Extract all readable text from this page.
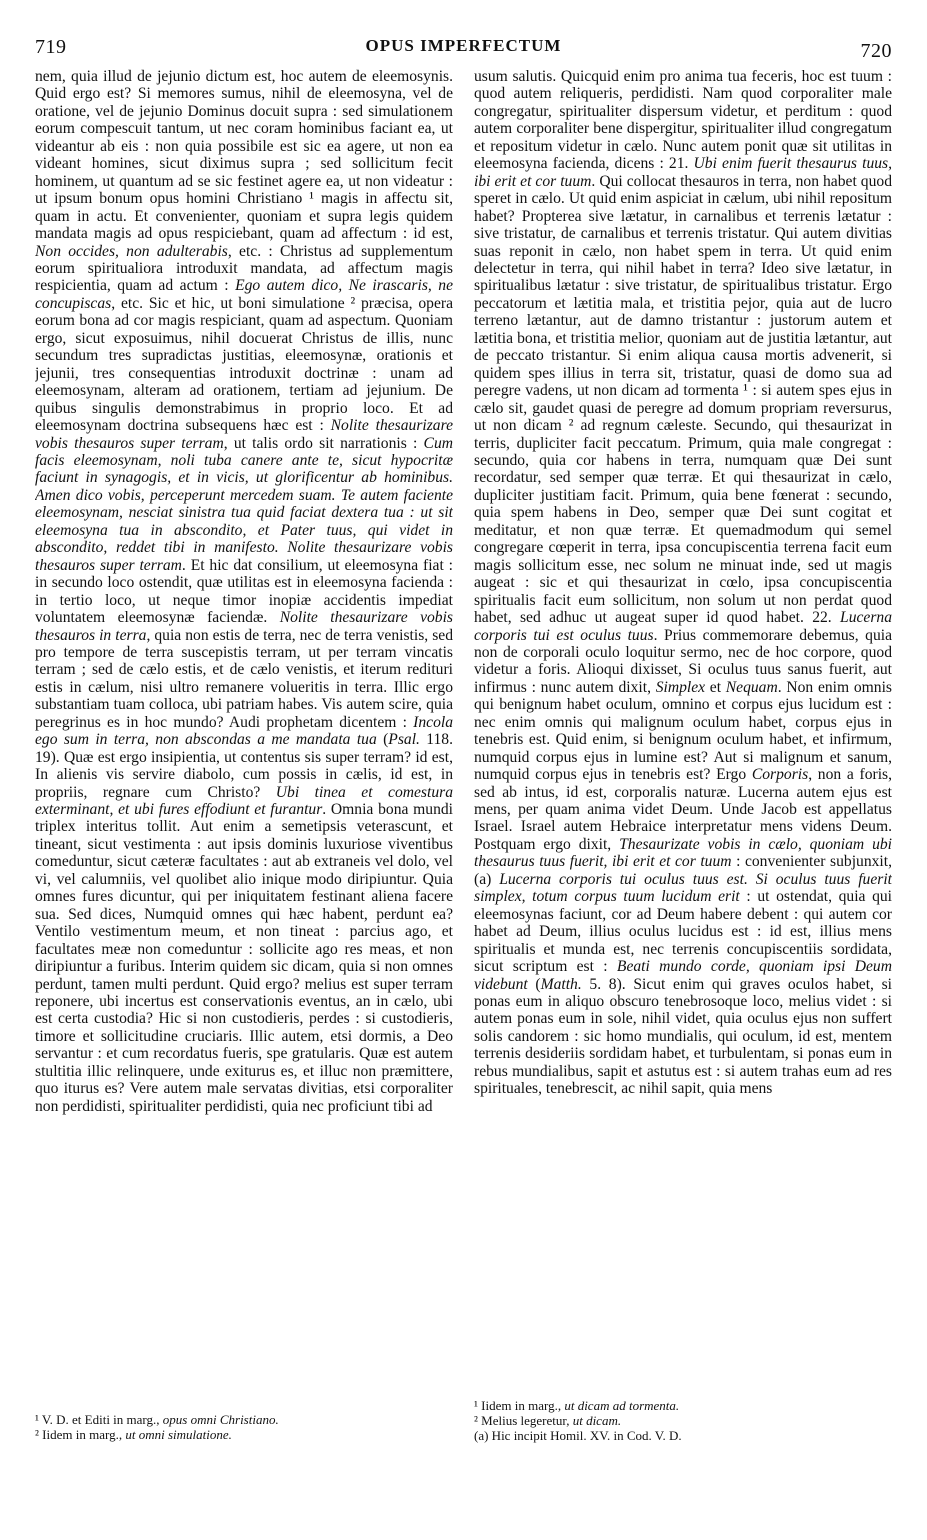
719	OPUS IMPERFECTUM	720

nem, quia illud de jejunio dictum est, hoc autem de eleemosynis. Quid ergo est? Si memores sumus, nihil de eleemosyna, vel de oratione, vel de jejunio Dominus docuit supra : sed simulationem eorum compescuit tantum, ut nec coram hominibus faciant ea, ut videantur ab eis : non quia possibile est sic ea agere, ut non ea videant homines, sicut diximus supra ; sed sollicitum fecit hominem, ut quantum ad se sic festinet agere ea, ut non videatur : ut ipsum bonum opus homini Christiano ¹ magis in affectu sit, quam in actu. Et convenienter, quoniam et supra legis quidem mandata magis ad opus respiciebant, quam ad affectum : id est, Non occides, non adulterabis, etc. : Christus ad supplementum eorum spiritualiora introduxit mandata, ad affectum magis respicientia, quam ad actum : Ego autem dico, Ne irascaris, ne concupiscas, etc. Sic et hic, ut boni simulatione ² præcisa, opera eorum bona ad cor magis respiciant, quam ad aspectum. Quoniam ergo, sicut exposuimus, nihil docuerat Christus de illis, nunc secundum tres supradictas justitias, eleemosynæ, orationis et jejunii, tres consequentias introduxit doctrinæ : unam ad eleemosynam, alteram ad orationem, tertiam ad jejunium. De quibus singulis demonstrabimus in proprio loco. Et ad eleemosynam doctrina subsequens hæc est : Nolite thesaurizare vobis thesauros super terram, ut talis ordo sit narrationis : Cum facis eleemosynam, noli tuba canere ante te, sicut hypocritæ faciunt in synagogis, et in vicis, ut glorificentur ab hominibus. Amen dico vobis, perceperunt mercedem suam. Te autem faciente eleemosynam, nesciat sinistra tua quid faciat dextera tua : ut sit eleemosyna tua in abscondito, et Pater tuus, qui videt in abscondito, reddet tibi in manifesto. Nolite thesaurizare vobis thesauros super terram. Et hic dat consilium, ut eleemosyna fiat : in secundo loco ostendit, quæ utilitas est in eleemosyna facienda : in tertio loco, ut neque timor inopiæ accidentis impediat voluntatem eleemosynæ faciendæ. Nolite thesaurizare vobis thesauros in terra, quia non estis de terra, nec de terra venistis, sed pro tempore de terra suscepistis terram, ut per terram vincatis terram ; sed de cælo estis, et de cælo venistis, et iterum redituri estis in cælum, nisi ultro remanere volueritis in terra. Illic ergo substantiam tuam colloca, ubi patriam habes. Vis autem scire, quia peregrinus es in hoc mundo? Audi prophetam dicentem : Incola ego sum in terra, non abscondas a me mandata tua (Psal. 118. 19). Quæ est ergo insipientia, ut contentus sis super terram? id est, In alienis vis servire diabolo, cum possis in cælis, id est, in propriis, regnare cum Christo? Ubi tinea et comestura exterminant, et ubi fures effodiunt et furantur. Omnia bona mundi triplex interitus tollit. Aut enim a semetipsis veterascunt, et tineant, sicut vestimenta : aut ipsis dominis luxuriose viventibus comeduntur, sicut cæteræ facultates : aut ab extraneis vel dolo, vel vi, vel calumniis, vel quolibet alio inique modo diripiuntur. Quia omnes fures dicuntur, qui per iniquitatem festinant aliena facere sua. Sed dices, Numquid omnes qui hæc habent, perdunt ea? Ventilo vestimentum meum, et non tineat : parcius ago, et facultates meæ non comeduntur : sollicite ago res meas, et non diripiuntur a furibus. Interim quidem sic dicam, quia si non omnes perdunt, tamen multi perdunt. Quid ergo? melius est super terram reponere, ubi incertus est conservationis eventus, an in cælo, ubi est certa custodia? Hic si non custodieris, perdes : si custodieris, timore et sollicitudine cruciaris. Illic autem, etsi dormis, a Deo servantur : et cum recordatus fueris, spe gratularis. Quæ est autem stultitia illic relinquere, unde exiturus es, et illuc non præmittere, quo iturus es? Vere autem male servatas divitias, etsi corporaliter non perdidisti, spiritualiter perdidisti, quia nec proficiunt tibi ad

usum salutis. Quicquid enim pro anima tua feceris, hoc est tuum : quod autem reliqueris, perdidisti. Nam quod corporaliter male congregatur, spiritualiter dispersum videtur, et perditum : quod autem corporaliter bene dispergitur, spiritualiter illud congregatum et repositum videtur in cælo. Nunc autem ponit quæ sit utilitas in eleemosyna facienda, dicens : 21. Ubi enim fuerit thesaurus tuus, ibi erit et cor tuum. Qui collocat thesauros in terra, non habet quod speret in cælo. Ut quid enim aspiciat in cælum, ubi nihil repositum habet? Propterea sive lætatur, in carnalibus et terrenis lætatur : sive tristatur, de carnalibus et terrenis tristatur. Qui autem divitias suas reponit in cælo, non habet spem in terra. Ut quid enim delectetur in terra, qui nihil habet in terra? Ideo sive lætatur, in spiritualibus lætatur : sive tristatur, de spiritualibus tristatur. Ergo peccatorum et lætitia mala, et tristitia pejor, quia aut de lucro terreno lætantur, aut de damno tristantur : justorum autem et lætitia bona, et tristitia melior, quoniam aut de justitia lætantur, aut de peccato tristantur. Si enim aliqua causa mortis advenerit, si quidem spes illius in terra sit, tristatur, quasi de domo sua ad peregre vadens, ut non dicam ad tormenta ¹ : si autem spes ejus in cælo sit, gaudet quasi de peregre ad domum propriam reversurus, ut non dicam ² ad regnum cæleste. Secundo, qui thesaurizat in terris, dupliciter facit peccatum. Primum, quia male congregat : secundo, quia cor habens in terra, numquam quæ Dei sunt recordatur, sed semper quæ terræ. Et qui thesaurizat in cælo, dupliciter justitiam facit. Primum, quia bene fœnerat : secundo, quia spem habens in Deo, semper quæ Dei sunt cogitat et meditatur, et non quæ terræ. Et quemadmodum qui semel congregare cœperit in terra, ipsa concupiscentia terrena facit eum magis sollicitum esse, nec solum ne minuat inde, sed ut magis augeat : sic et qui thesaurizat in cœlo, ipsa concupiscentia spiritualis facit eum sollicitum, non solum ut non perdat quod habet, sed adhuc ut augeat super id quod habet. 22. Lucerna corporis tui est oculus tuus. Prius commemorare debemus, quia non de corporali oculo loquitur sermo, nec de hoc corpore, quod videtur a foris. Alioqui dixisset, Si oculus tuus sanus fuerit, aut infirmus : nunc autem dixit, Simplex et Nequam. Non enim omnis qui benignum habet oculum, omnino et corpus ejus lucidum est : nec enim omnis qui malignum oculum habet, corpus ejus in tenebris est. Quid enim, si benignum oculum habet, et infirmum, numquid corpus ejus in lumine est? Aut si malignum et sanum, numquid corpus ejus in tenebris est? Ergo Corporis, non a foris, sed ab intus, id est, corporalis naturæ. Lucerna autem ejus est mens, per quam anima videt Deum. Unde Jacob est appellatus Israel. Israel autem Hebraice interpretatur mens videns Deum. Postquam ergo dixit, Thesaurizate vobis in cælo, quoniam ubi thesaurus tuus fuerit, ibi erit et cor tuum : convenienter subjunxit, (a) Lucerna corporis tui oculus tuus est. Si oculus tuus fuerit simplex, totum corpus tuum lucidum erit : ut ostendat, quia qui eleemosynas faciunt, cor ad Deum habere debent : qui autem cor habet ad Deum, illius oculus lucidus est : id est, illius mens spiritualis et munda est, nec terrenis concupiscentiis sordidata, sicut scriptum est : Beati mundo corde, quoniam ipsi Deum videbunt (Matth. 5. 8). Sicut enim qui graves oculos habet, si ponas eum in aliquo obscuro tenebrosoque loco, melius videt : si autem ponas eum in sole, nihil videt, quia oculus ejus non suffert solis candorem : sic homo mundialis, qui oculum, id est, mentem terrenis desideriis sordidam habet, et turbulentam, si ponas eum in rebus mundialibus, sapit et astutus est : si autem trahas eum ad res spirituales, tenebrescit, ac nihil sapit, quia mens

¹ V. D. et Editi in marg., opus omni Christiano.
² Iidem in marg., ut omni simulatione.
¹ Iidem in marg., ut dicam ad tormenta.
² Melius legeretur, ut dicam.
(a) Hic incipit Homil. XV. in Cod. V. D.
